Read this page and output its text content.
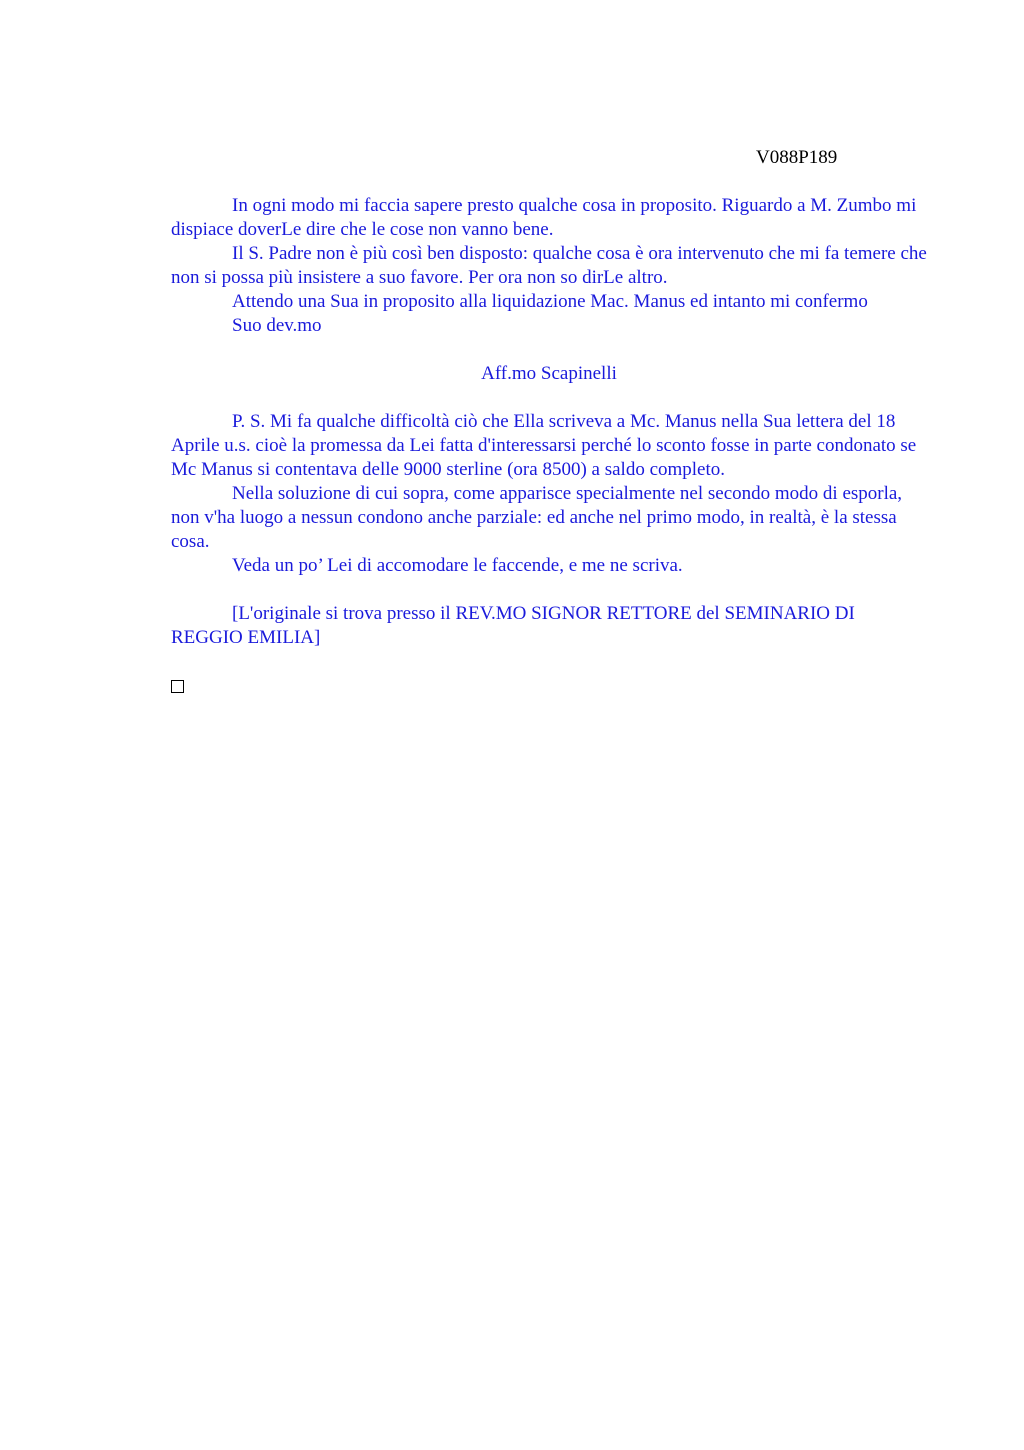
V088P189

In ogni modo mi faccia sapere presto qualche cosa in proposito. Riguardo a M. Zumbo mi dispiace doverLe dire che le cose non vanno bene.

Il S. Padre non è più così ben disposto: qualche cosa è ora intervenuto che mi fa temere che non si possa più insistere a suo favore. Per ora non so dirLe altro.

Attendo una Sua in proposito alla liquidazione Mac. Manus ed intanto mi confermo

Suo dev.mo

Aff.mo Scapinelli

P. S. Mi fa qualche difficoltà ciò che Ella scriveva a Mc. Manus nella Sua lettera del 18 Aprile u.s. cioè la promessa da Lei fatta d'interessarsi perché lo sconto fosse in parte condonato se Mc Manus si contentava delle 9000 sterline (ora 8500) a saldo completo.

Nella soluzione di cui sopra, come apparisce specialmente nel secondo modo di esporla, non v'ha luogo a nessun condono anche parziale: ed anche nel primo modo, in realtà, è la stessa cosa.

Veda un po’ Lei di accomodare le faccende, e me ne scriva.

[L'originale si trova presso il REV.MO SIGNOR RETTORE del SEMINARIO DI REGGIO EMILIA]
